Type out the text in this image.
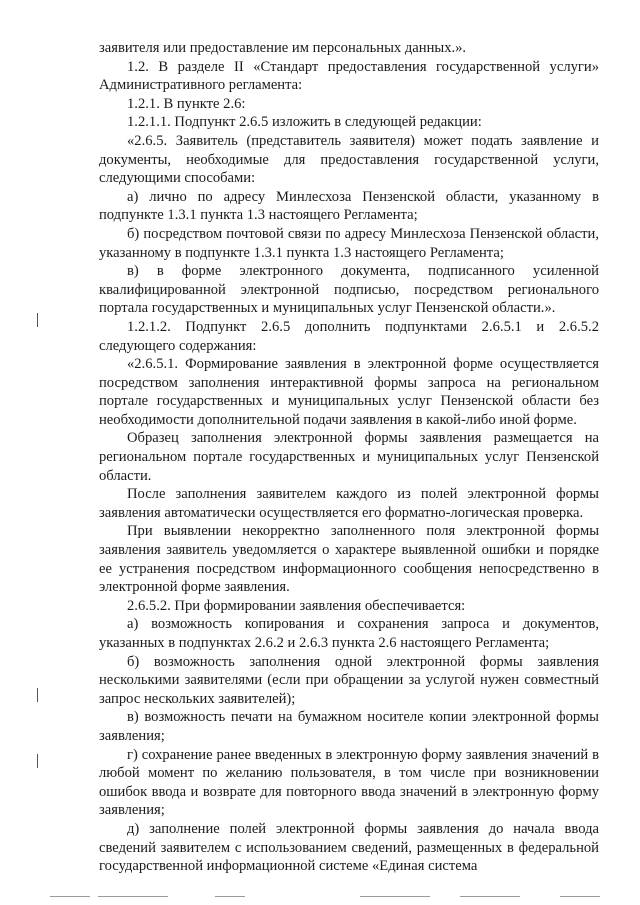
заявителя или предоставление им персональных данных.».

1.2. В разделе II «Стандарт предоставления государственной услуги» Административного регламента:

1.2.1. В пункте 2.6:

1.2.1.1. Подпункт 2.6.5 изложить в следующей редакции:

«2.6.5. Заявитель (представитель заявителя) может подать заявление и документы, необходимые для предоставления государственной услуги, следующими способами:

а) лично по адресу Минлесхоза Пензенской области, указанному в подпункте 1.3.1 пункта 1.3 настоящего Регламента;

б) посредством почтовой связи по адресу Минлесхоза Пензенской области, указанному в подпункте 1.3.1 пункта 1.3 настоящего Регламента;

в) в форме электронного документа, подписанного усиленной квалифицированной электронной подписью, посредством регионального портала государственных и муниципальных услуг Пензенской области.».

1.2.1.2. Подпункт 2.6.5 дополнить подпунктами 2.6.5.1 и 2.6.5.2 следующего содержания:

«2.6.5.1. Формирование заявления в электронной форме осуществляется посредством заполнения интерактивной формы запроса на региональном портале государственных и муниципальных услуг Пензенской области без необходимости дополнительной подачи заявления в какой-либо иной форме.

Образец заполнения электронной формы заявления размещается на региональном портале государственных и муниципальных услуг Пензенской области.

После заполнения заявителем каждого из полей электронной формы заявления автоматически осуществляется его форматно-логическая проверка.

При выявлении некорректно заполненного поля электронной формы заявления заявитель уведомляется о характере выявленной ошибки и порядке ее устранения посредством информационного сообщения непосредственно в электронной форме заявления.

2.6.5.2. При формировании заявления обеспечивается:

а) возможность копирования и сохранения запроса и документов, указанных в подпунктах 2.6.2 и 2.6.3 пункта 2.6 настоящего Регламента;

б) возможность заполнения одной электронной формы заявления несколькими заявителями (если при обращении за услугой нужен совместный запрос нескольких заявителей);

в) возможность печати на бумажном носителе копии электронной формы заявления;

г) сохранение ранее введенных в электронную форму заявления значений в любой момент по желанию пользователя, в том числе при возникновении ошибок ввода и возврате для повторного ввода значений в электронную форму заявления;

д) заполнение полей электронной формы заявления до начала ввода сведений заявителем с использованием сведений, размещенных в федеральной государственной информационной системе «Единая система
